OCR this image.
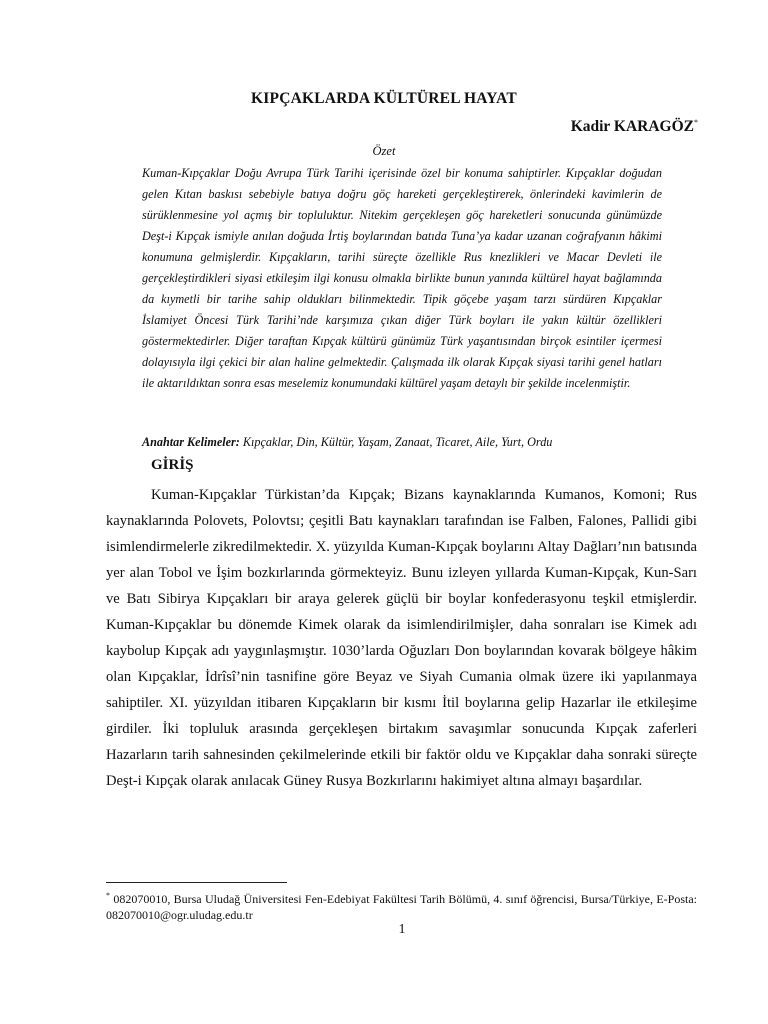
KIPÇAKLARDA KÜLTÜREL HAYAT
Kadir KARAGÖZ*
Özet
Kuman-Kıpçaklar Doğu Avrupa Türk Tarihi içerisinde özel bir konuma sahiptirler. Kıpçaklar doğudan gelen Kıtan baskısı sebebiyle batıya doğru göç hareketi gerçekleştirerek, önlerindeki kavimlerin de sürüklenmesine yol açmış bir topluluktur. Nitekim gerçekleşen göç hareketleri sonucunda günümüzde Deşt-i Kıpçak ismiyle anılan doğuda İrtiş boylarından batıda Tuna’ya kadar uzanan coğrafyanın hâkimi konumuna gelmişlerdir. Kıpçakların, tarihi süreçte özellikle Rus knezlikleri ve Macar Devleti ile gerçekleştirdikleri siyasi etkileşim ilgi konusu olmakla birlikte bunun yanında kültürel hayat bağlamında da kıymetli bir tarihe sahip oldukları bilinmektedir. Tipik göçebe yaşam tarzı sürdüren Kıpçaklar İslamiyet Öncesi Türk Tarihi’nde karşımıza çıkan diğer Türk boyları ile yakın kültür özellikleri göstermektedirler. Diğer taraftan Kıpçak kültürü günümüz Türk yaşantısından birçok esintiler içermesi dolayısıyla ilgi çekici bir alan haline gelmektedir. Çalışmada ilk olarak Kıpçak siyasi tarihi genel hatları ile aktarıldıktan sonra esas meselemiz konumundaki kültürel yaşam detaylı bir şekilde incelenmiştir.
Anahtar Kelimeler: Kıpçaklar, Din, Kültür, Yaşam, Zanaat, Ticaret, Aile, Yurt, Ordu
GİRİŞ
Kuman-Kıpçaklar Türkistan’da Kıpçak; Bizans kaynaklarında Kumanos, Komoni; Rus kaynaklarında Polovets, Polovtsı; çeşitli Batı kaynakları tarafından ise Falben, Falones, Pallidi gibi isimlendirmelerle zikredilmektedir. X. yüzyılda Kuman-Kıpçak boylarını Altay Dağları’nın batısında yer alan Tobol ve İşim bozkırlarında görmekteyiz. Bunu izleyen yıllarda Kuman-Kıpçak, Kun-Sarı ve Batı Sibirya Kıpçakları bir araya gelerek güçlü bir boylar konfederasyonu teşkil etmişlerdir. Kuman-Kıpçaklar bu dönemde Kimek olarak da isimlendirilmişler, daha sonraları ise Kimek adı kaybolup Kıpçak adı yaygınlaşmıştır. 1030’larda Oğuzları Don boylarından kovarak bölgeye hâkim olan Kıpçaklar, İdrîsî’nin tasnifine göre Beyaz ve Siyah Cumania olmak üzere iki yapılanmaya sahiptiler. XI. yüzyıldan itibaren Kıpçakların bir kısmı İtil boylarına gelip Hazarlar ile etkileşime girdiler. İki topluluk arasında gerçekleşen birtakım savaşımlar sonucunda Kıpçak zaferleri Hazarların tarih sahnesinden çekilmelerinde etkili bir faktör oldu ve Kıpçaklar daha sonraki süreçte Deşt-i Kıpçak olarak anılacak Güney Rusya Bozkırlarını hakimiyet altına almayı başardılar.
* 082070010, Bursa Uludağ Üniversitesi Fen-Edebiyat Fakültesi Tarih Bölümü, 4. sınıf öğrencisi, Bursa/Türkiye, E-Posta: 082070010@ogr.uludag.edu.tr
1
